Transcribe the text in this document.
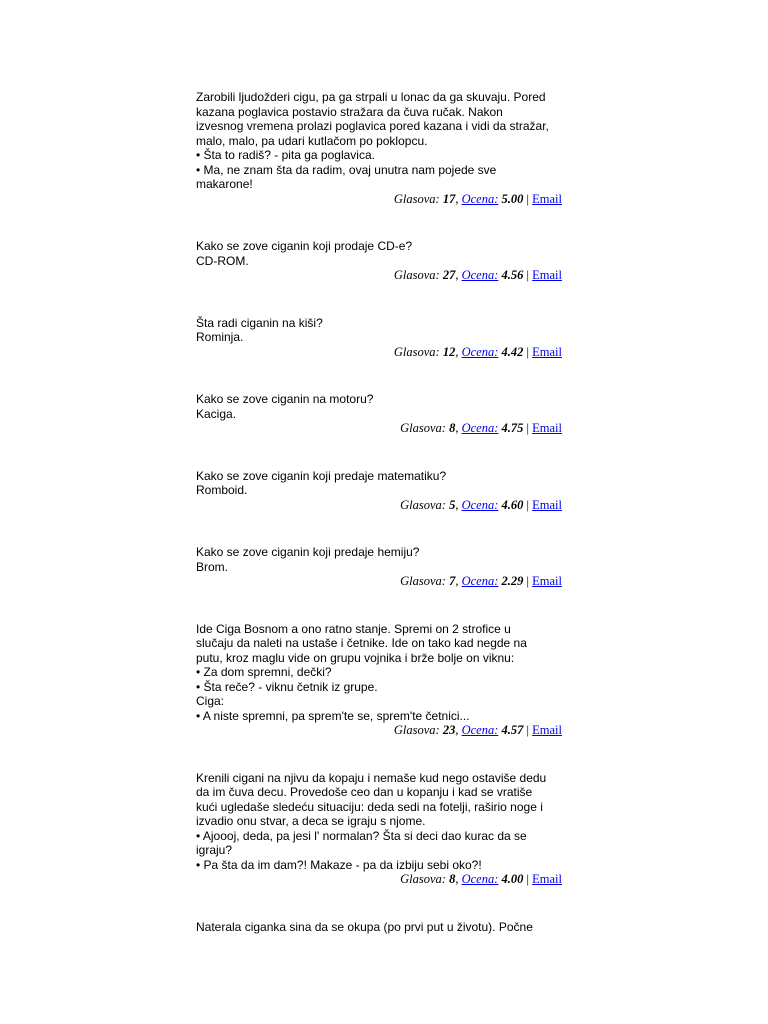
Zarobili ljudožderi cigu, pa ga strpali u lonac da ga skuvaju. Pored
kazana poglavica postavio stražara da čuva ručak. Nakon
izvesnog vremena prolazi poglavica pored kazana i vidi da stražar,
malo, malo, pa udari kutlačom po poklopcu.
• Šta to radiš? - pita ga poglavica.
• Ma, ne znam šta da radim, ovaj unutra nam pojede sve
makarone!
Glasova: 17, Ocena: 5.00 | Email
Kako se zove ciganin koji prodaje CD-e?
CD-ROM.
Glasova: 27, Ocena: 4.56 | Email
Šta radi ciganin na kiši?
Rominja.
Glasova: 12, Ocena: 4.42 | Email
Kako se zove ciganin na motoru?
Kaciga.
Glasova: 8, Ocena: 4.75 | Email
Kako se zove ciganin koji predaje matematiku?
Romboid.
Glasova: 5, Ocena: 4.60 | Email
Kako se zove ciganin koji predaje hemiju?
Brom.
Glasova: 7, Ocena: 2.29 | Email
Ide Ciga Bosnom a ono ratno stanje. Spremi on 2 strofice u
slučaju da naleti na ustaše i četnike. Ide on tako kad negde na
putu, kroz maglu vide on grupu vojnika i brže bolje on viknu:
• Za dom spremni, dečki?
• Šta reče? - viknu četnik iz grupe.
Ciga:
• A niste spremni, pa sprem'te se, sprem'te četnici...
Glasova: 23, Ocena: 4.57 | Email
Krenili cigani na njivu da kopaju i nemaše kud nego ostaviše dedu
da im čuva decu. Provedoše ceo dan u kopanju i kad se vratiše
kući ugledaše sledeću situaciju: deda sedi na fotelji, raširio noge i
izvadio onu stvar, a deca se igraju s njome.
• Ajoooj, deda, pa jesi l' normalan? Šta si deci dao kurac da se
igraju?
• Pa šta da im dam?! Makaze - pa da izbiju sebi oko?!
Glasova: 8, Ocena: 4.00 | Email
Naterala ciganka sina da se okupa (po prvi put u životu). Počne
